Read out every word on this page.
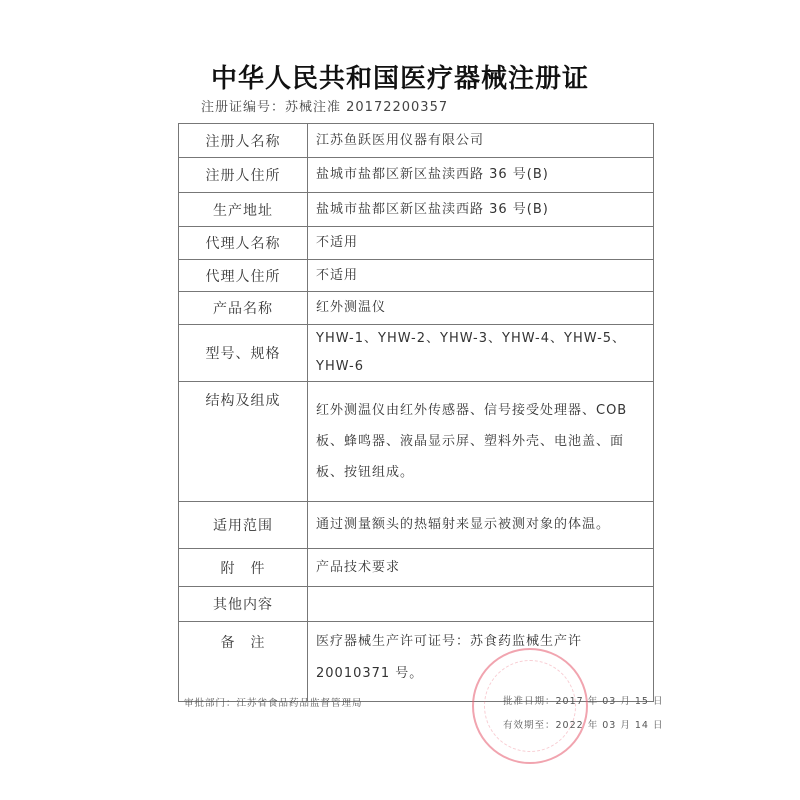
中华人民共和国医疗器械注册证
注册证编号：苏械注准 20172200357
注册人名称	江苏鱼跃医用仪器有限公司
注册人住所	盐城市盐都区新区盐渎西路 36 号(B)
生产地址	盐城市盐都区新区盐渎西路 36 号(B)
代理人名称	不适用
代理人住所	不适用
产品名称	红外测温仪
型号、规格	YHW-1、YHW-2、YHW-3、YHW-4、YHW-5、YHW-6
结构及组成	红外测温仪由红外传感器、信号接受处理器、COB 板、蜂鸣器、液晶显示屏、塑料外壳、电池盖、面板、按钮组成。
适用范围	通过测量额头的热辐射来显示被测对象的体温。
附　件	产品技术要求
其他内容	
备　注	医疗器械生产许可证号：苏食药监械生产许 20010371 号。
审批部门：江苏省食品药品监督管理局	批准日期：2017 年 03 月 15 日
有效期至：2022 年 03 月 14 日
